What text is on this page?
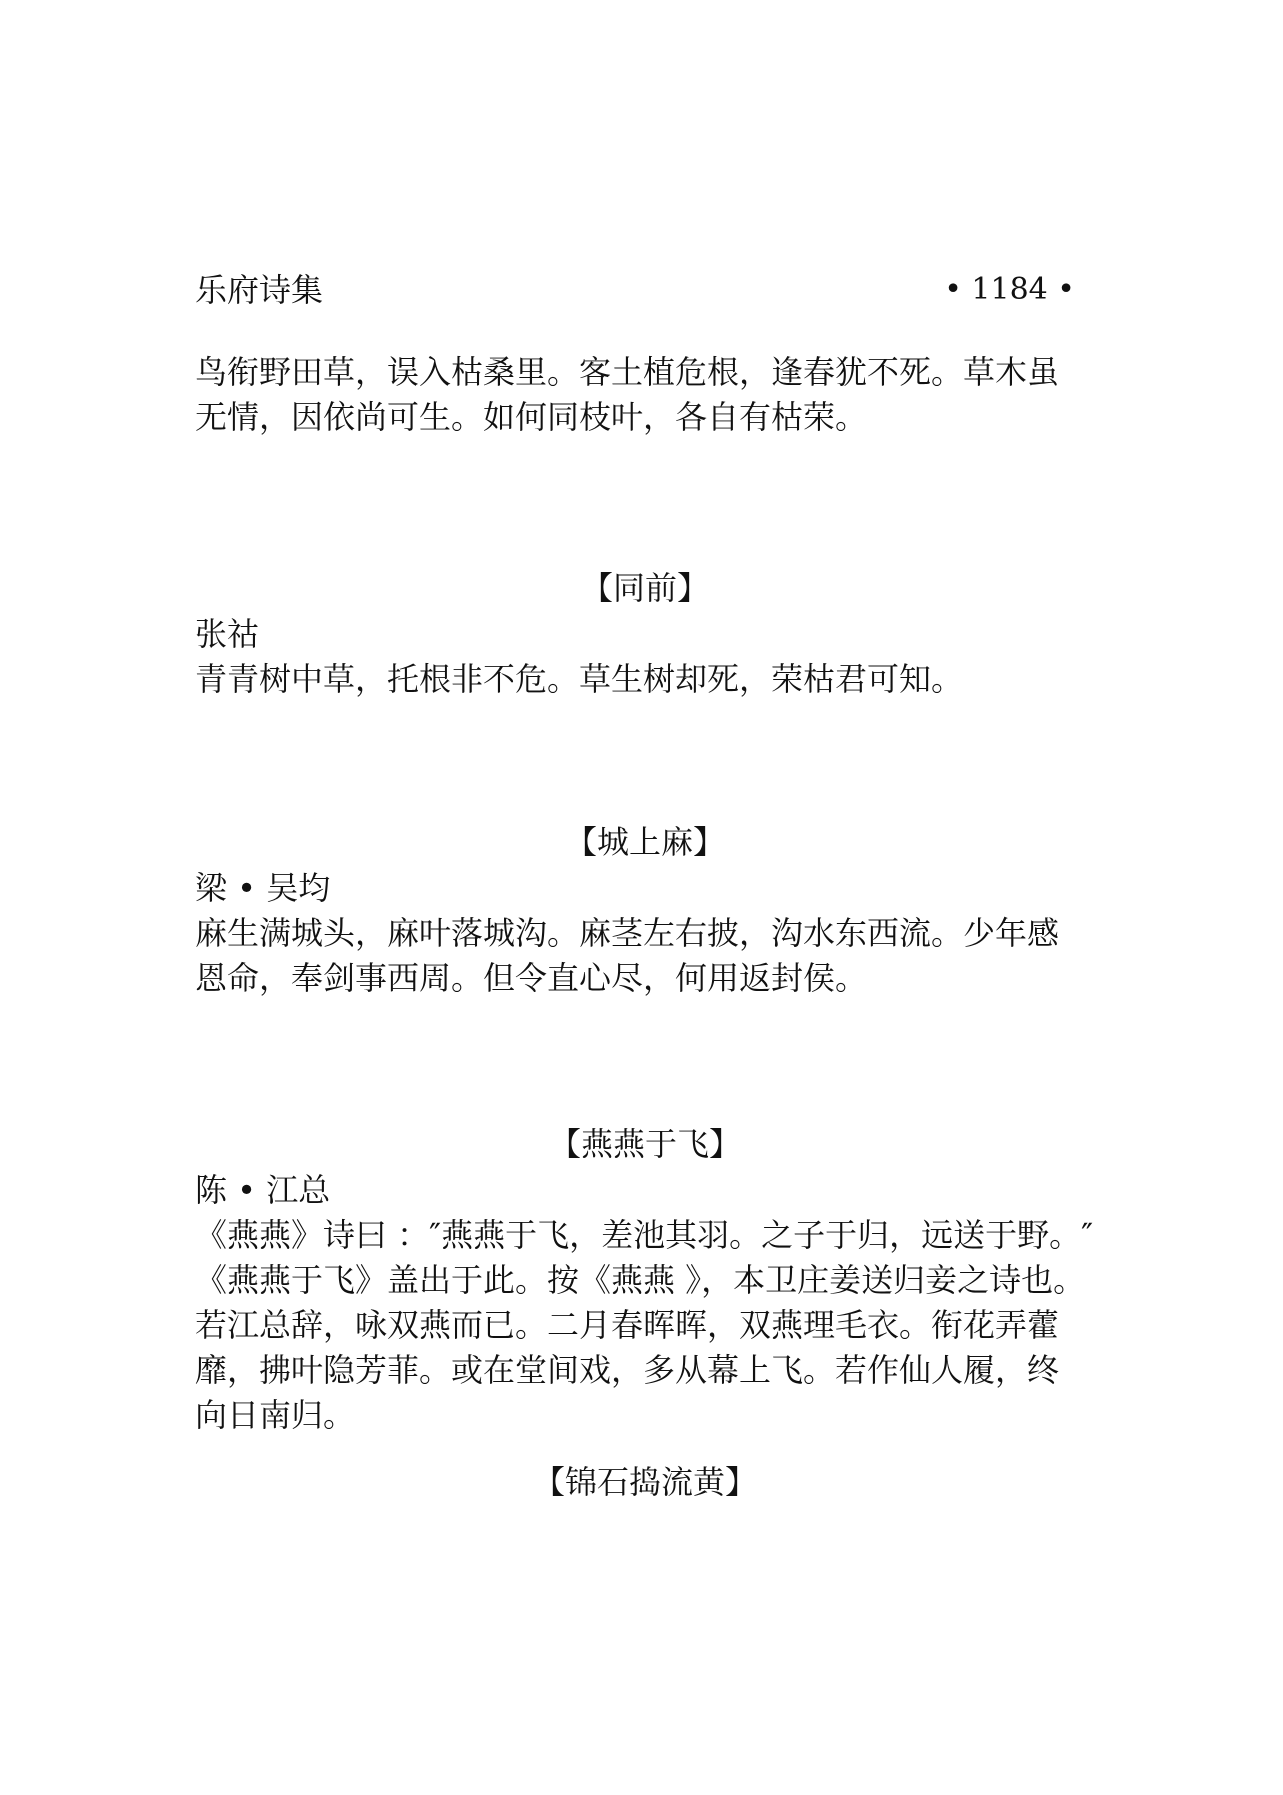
乐府诗集	• 1184 •
鸟衔野田草，误入枯桑里。客土植危根，逢春犹不死。草木虽
无情，因依尚可生。如何同枝叶，各自有枯荣。
【同前】
张祜
青青树中草，托根非不危。草生树却死，荣枯君可知。
【城上麻】
梁 • 吴均
麻生满城头，麻叶落城沟。麻茎左右披，沟水东西流。少年感
恩命，奉剑事西周。但令直心尽，何用返封侯。
【燕燕于飞】
陈 • 江总
《燕燕》诗曰 ：″燕燕于飞，差池其羽。之子于归，远送于野。″
《燕燕于飞》盖出于此。按《燕燕 》，本卫庄姜送归妾之诗也。
若江总辞，咏双燕而已。二月春晖晖，双燕理毛衣。衔花弄藿
靡，拂叶隐芳菲。或在堂间戏，多从幕上飞。若作仙人履，终
向日南归。
【锦石捣流黄】
